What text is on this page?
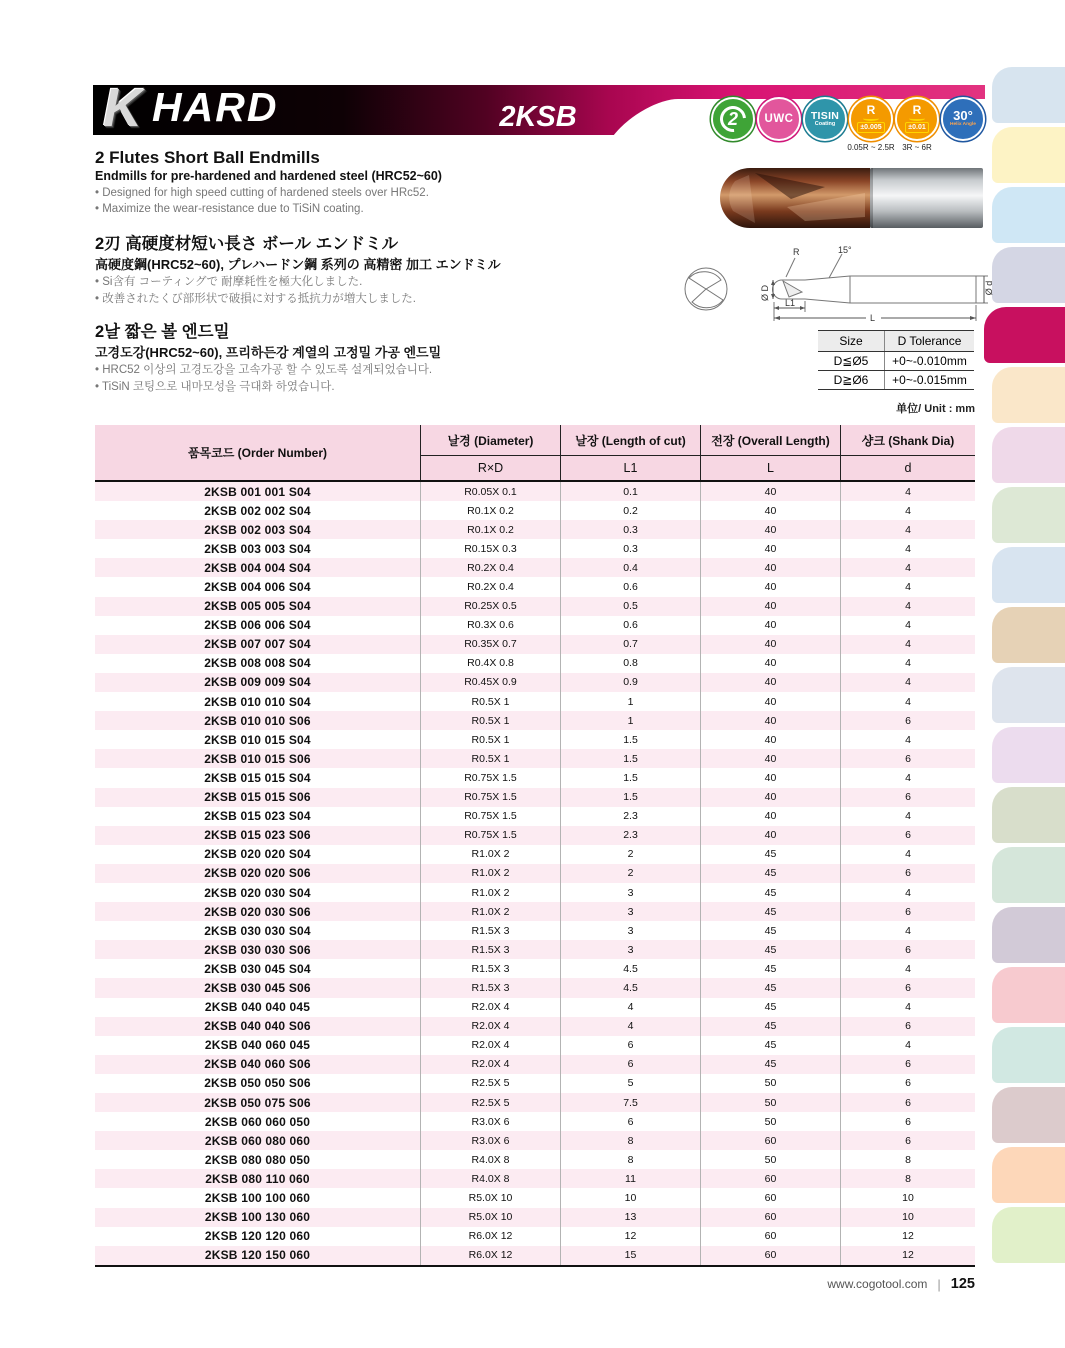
K HARD	2KSB	2 UWC TISIN
Coating
R
±0.005
0.05R ~ 2.5R
R
±0.01
3R ~ 6R
30°
Helix Angle
2 Flutes Short Ball Endmills
Endmills for pre-hardened and hardened steel (HRC52~60)
• Designed for high speed cutting of hardened steels over HRc52.
• Maximize the wear-resistance due to TiSiN coating.
2刃 高硬度材短い長さ ボール エンドミル
高硬度鋼(HRC52~60), プレハードン鋼 系列の 高精密 加工 エンドミル
• Si含有 コーティングで 耐摩耗性を極大化しました.
• 改善されたくび部形状で破損に対する抵抗力が増大しました.
2날 짧은 볼 엔드밀
고경도강(HRC52~60), 프리하든강 계열의 고정밀 가공 엔드밀
• HRC52 이상의 고경도강을 고속가공 할 수 있도록 설계되었습니다.
• TiSiN 코팅으로 내마모성을 극대화 하였습니다.
R	15°
Ø D	Ø d
L1
L
Size	D Tolerance
D≦Ø5	+0~-0.010mm
D≧Ø6	+0~-0.015mm
单位/ Unit : mm
품목코드 (Order Number)
날경 (Diameter)	날장 (Length of cut)	전장 (Overall Length)	샹크 (Shank Dia)
R×D	L1	L	d
2KSB 001 001 S04	R0.05X 0.1	0.1	40	4
2KSB 002 002 S04	R0.1X 0.2	0.2	40	4
2KSB 002 003 S04	R0.1X 0.2	0.3	40	4
2KSB 003 003 S04	R0.15X 0.3	0.3	40	4
2KSB 004 004 S04	R0.2X 0.4	0.4	40	4
2KSB 004 006 S04	R0.2X 0.4	0.6	40	4
2KSB 005 005 S04	R0.25X 0.5	0.5	40	4
2KSB 006 006 S04	R0.3X 0.6	0.6	40	4
2KSB 007 007 S04	R0.35X 0.7	0.7	40	4
2KSB 008 008 S04	R0.4X 0.8	0.8	40	4
2KSB 009 009 S04	R0.45X 0.9	0.9	40	4
2KSB 010 010 S04	R0.5X 1	1	40	4
2KSB 010 010 S06	R0.5X 1	1	40	6
2KSB 010 015 S04	R0.5X 1	1.5	40	4
2KSB 010 015 S06	R0.5X 1	1.5	40	6
2KSB 015 015 S04	R0.75X 1.5	1.5	40	4
2KSB 015 015 S06	R0.75X 1.5	1.5	40	6
2KSB 015 023 S04	R0.75X 1.5	2.3	40	4
2KSB 015 023 S06	R0.75X 1.5	2.3	40	6
2KSB 020 020 S04	R1.0X 2	2	45	4
2KSB 020 020 S06	R1.0X 2	2	45	6
2KSB 020 030 S04	R1.0X 2	3	45	4
2KSB 020 030 S06	R1.0X 2	3	45	6
2KSB 030 030 S04	R1.5X 3	3	45	4
2KSB 030 030 S06	R1.5X 3	3	45	6
2KSB 030 045 S04	R1.5X 3	4.5	45	4
2KSB 030 045 S06	R1.5X 3	4.5	45	6
2KSB 040 040 045	R2.0X 4	4	45	4
2KSB 040 040 S06	R2.0X 4	4	45	6
2KSB 040 060 045	R2.0X 4	6	45	4
2KSB 040 060 S06	R2.0X 4	6	45	6
2KSB 050 050 S06	R2.5X 5	5	50	6
2KSB 050 075 S06	R2.5X 5	7.5	50	6
2KSB 060 060 050	R3.0X 6	6	50	6
2KSB 060 080 060	R3.0X 6	8	60	6
2KSB 080 080 050	R4.0X 8	8	50	8
2KSB 080 110 060	R4.0X 8	11	60	8
2KSB 100 100 060	R5.0X 10	10	60	10
2KSB 100 130 060	R5.0X 10	13	60	10
2KSB 120 120 060	R6.0X 12	12	60	12
2KSB 120 150 060	R6.0X 12	15	60	12
www.cogotool.com | 125
